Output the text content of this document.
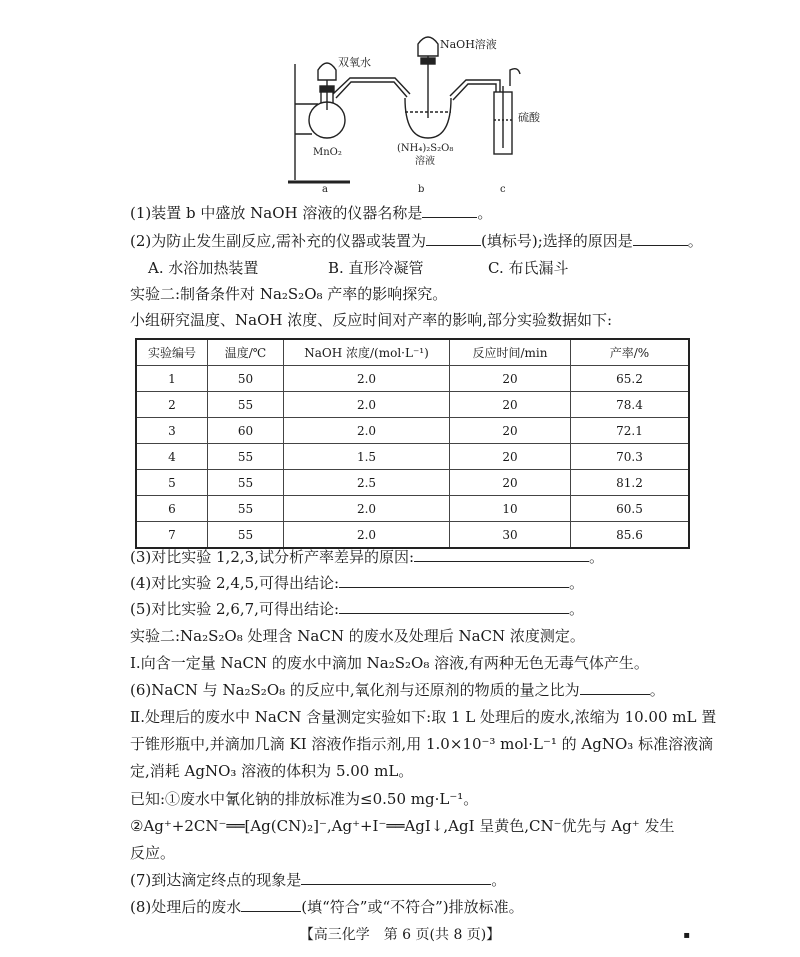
双氧水
MnO₂
NaOH溶液
(NH₄)₂S₂O₈
溶液
硫酸
a	b	c
(1)装置 b 中盛放 NaOH 溶液的仪器名称是	。
(2)为防止发生副反应,需补充的仪器或装置为	(填标号);选择的原因是	。
A. 水浴加热装置	B. 直形冷凝管	C. 布氏漏斗
实验二:制备条件对 Na₂S₂O₈ 产率的影响探究。
小组研究温度、NaOH 浓度、反应时间对产率的影响,部分实验数据如下:
实验编号	温度/℃	NaOH 浓度/(mol·L⁻¹)	反应时间/min	产率/%
1	50	2.0	20	65.2
2	55	2.0	20	78.4
3	60	2.0	20	72.1
4	55	1.5	20	70.3
5	55	2.5	20	81.2
6	55	2.0	10	60.5
7	55	2.0	30	85.6
(3)对比实验 1,2,3,试分析产率差异的原因:	。
(4)对比实验 2,4,5,可得出结论:	。
(5)对比实验 2,6,7,可得出结论:	。
实验二:Na₂S₂O₈ 处理含 NaCN 的废水及处理后 NaCN 浓度测定。
Ⅰ.向含一定量 NaCN 的废水中滴加 Na₂S₂O₈ 溶液,有两种无色无毒气体产生。
(6)NaCN 与 Na₂S₂O₈ 的反应中,氧化剂与还原剂的物质的量之比为	。
Ⅱ.处理后的废水中 NaCN 含量测定实验如下:取 1 L 处理后的废水,浓缩为 10.00 mL 置
于锥形瓶中,并滴加几滴 KI 溶液作指示剂,用 1.0×10⁻³ mol·L⁻¹ 的 AgNO₃ 标准溶液滴
定,消耗 AgNO₃ 溶液的体积为 5.00 mL。
已知:①废水中氰化钠的排放标准为≤0.50 mg·L⁻¹。
②Ag⁺+2CN⁻══[Ag(CN)₂]⁻,Ag⁺+I⁻══AgI↓,AgI 呈黄色,CN⁻优先与 Ag⁺ 发生
反应。
(7)到达滴定终点的现象是	。
(8)处理后的废水	(填“符合”或“不符合”)排放标准。
【高三化学　第 6 页(共 8 页)】	▪
